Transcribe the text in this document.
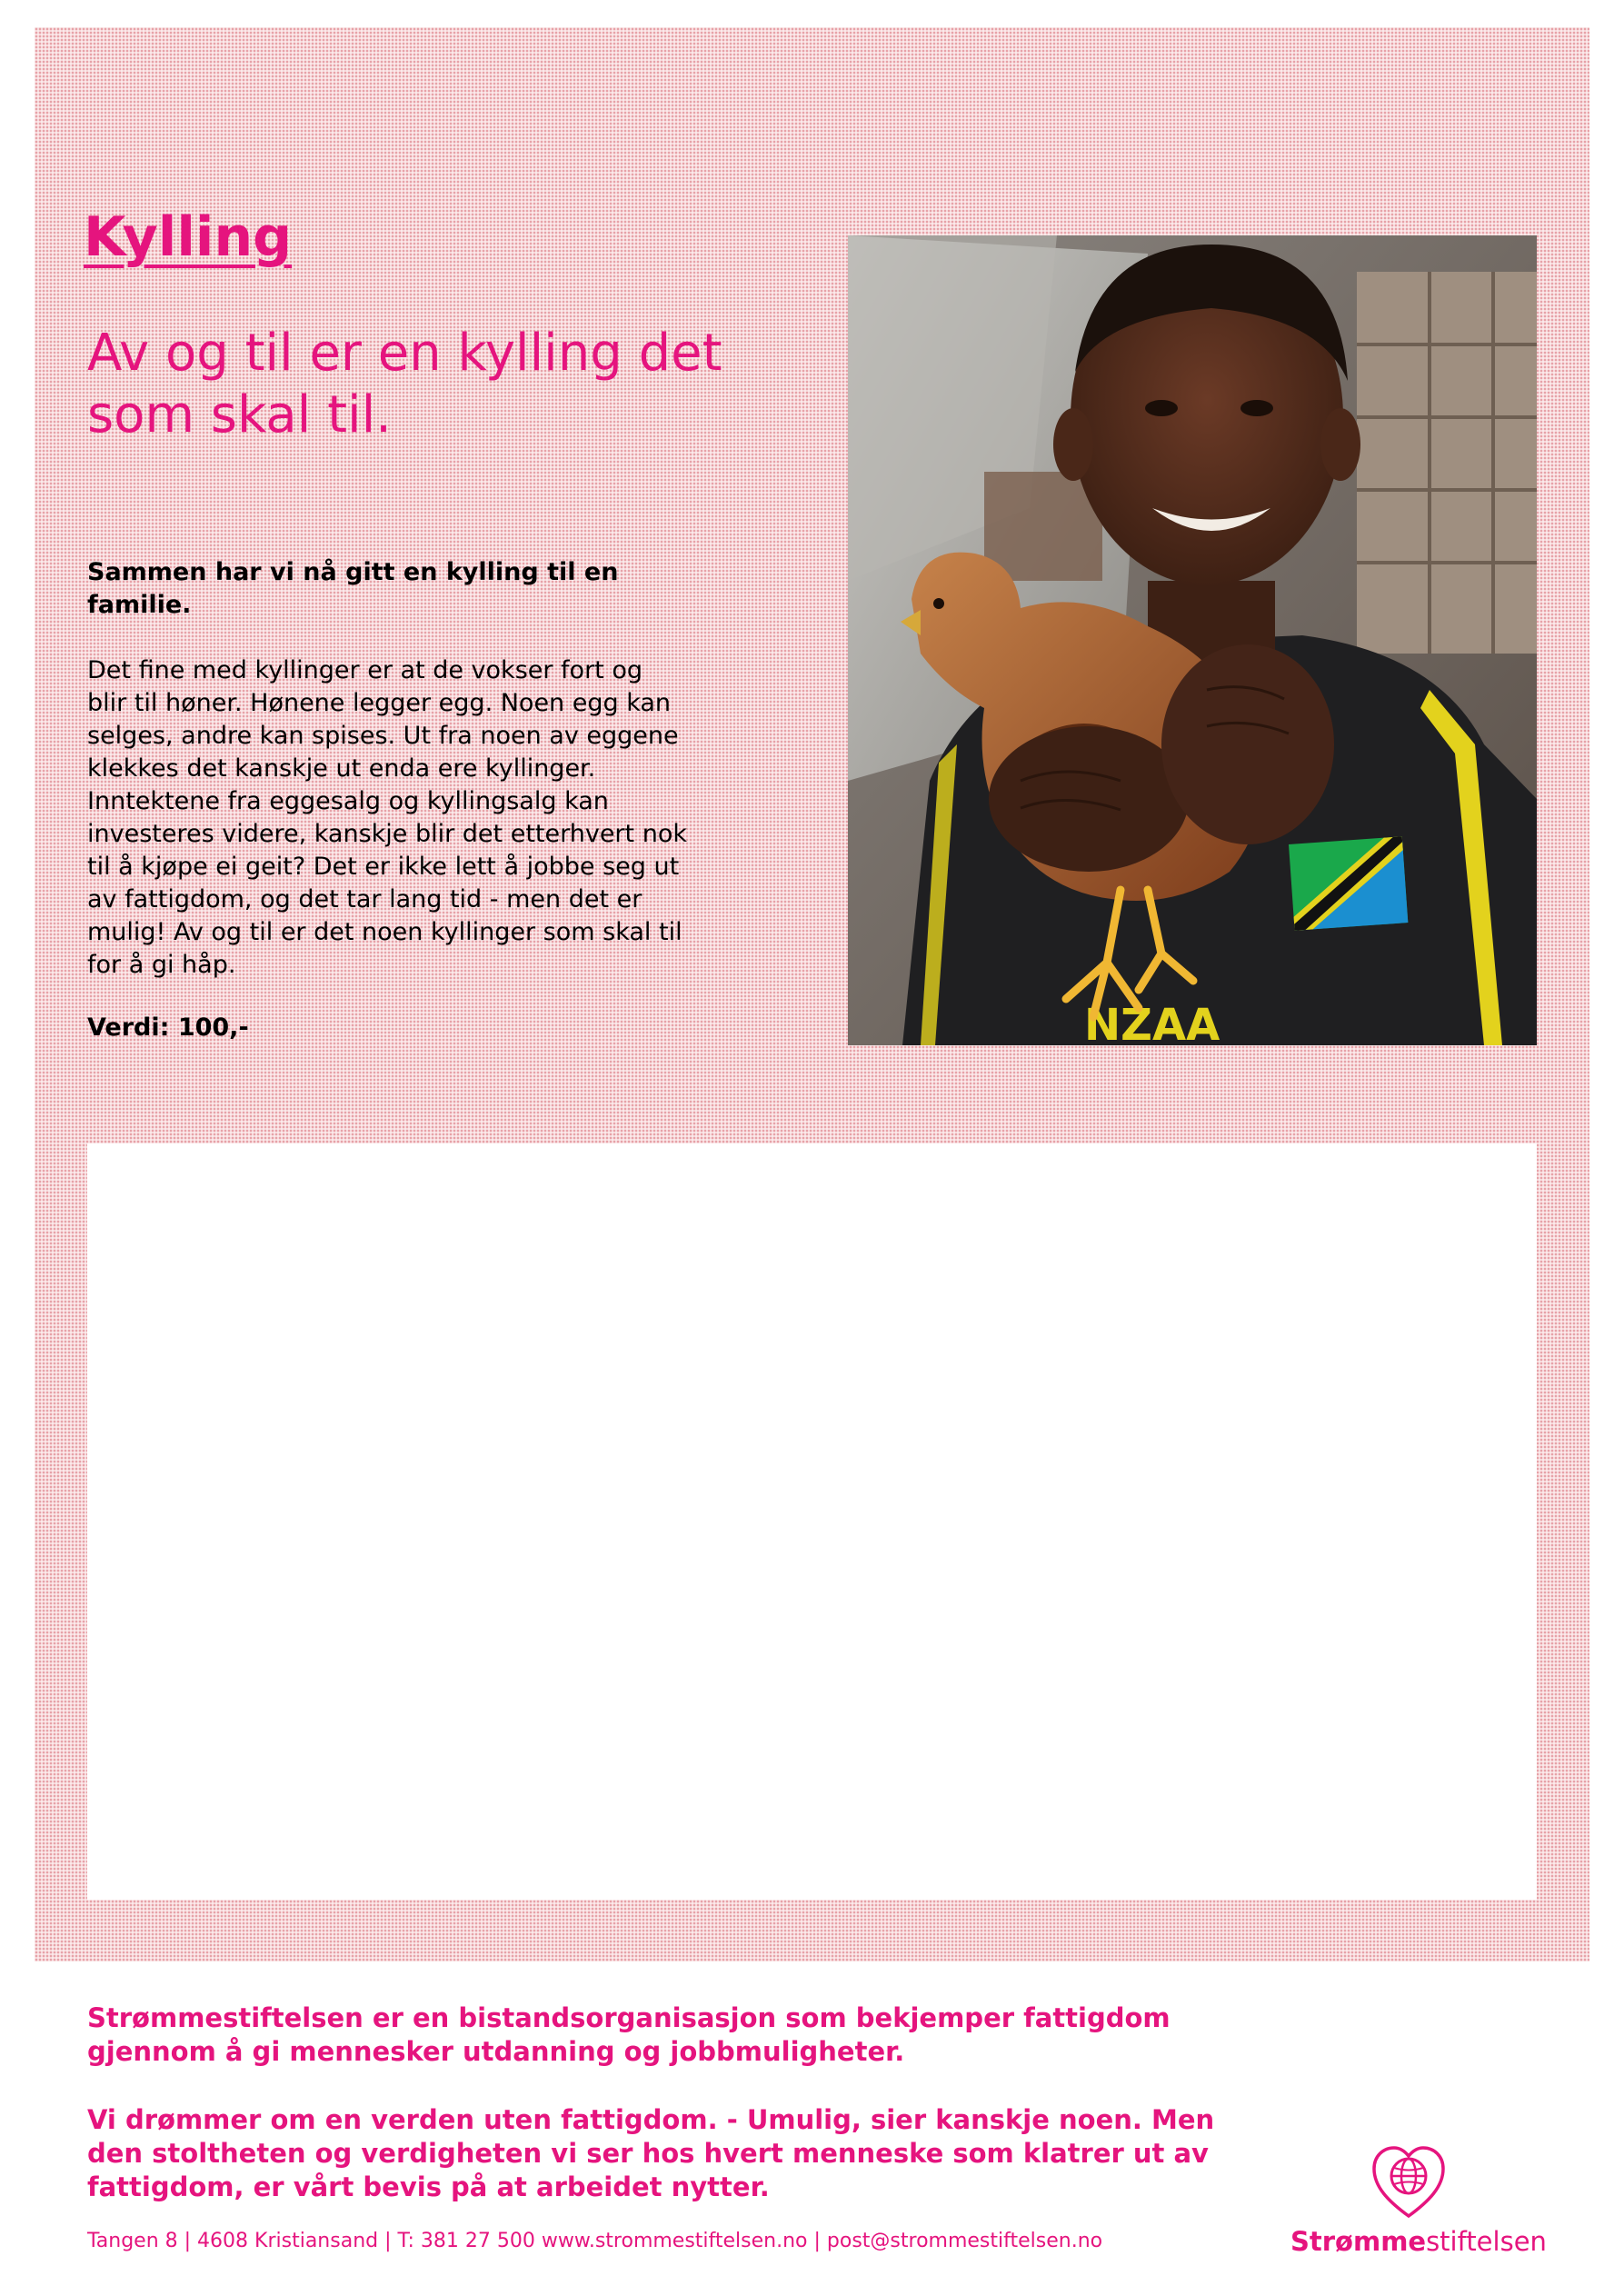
Kylling
Av og til er en kylling det som skal til.

Sammen har vi nå gitt en kylling til en familie.

Det fine med kyllinger er at de vokser fort og blir til høner. Hønene legger egg. Noen egg kan selges, andre kan spises. Ut fra noen av eggene klekkes det kanskje ut enda ere kyllinger. Inntektene fra eggesalg og kyllingsalg kan investeres videre, kanskje blir det etterhvert nok til å kjøpe ei geit? Det er ikke lett å jobbe seg ut av fattigdom, og det tar lang tid - men det er mulig! Av og til er det noen kyllinger som skal til for å gi håp.

Verdi: 100,-	NZAA

Strømmestiftelsen er en bistandsorganisasjon som bekjemper fattigdom gjennom å gi mennesker utdanning og jobbmuligheter.

Vi drømmer om en verden uten fattigdom. - Umulig, sier kanskje noen. Men den stoltheten og verdigheten vi ser hos hvert menneske som klatrer ut av fattigdom, er vårt bevis på at arbeidet nytter.

Tangen 8 | 4608 Kristiansand | T: 381 27 500 www.strommestiftelsen.no | post@strommestiftelsen.no	Strømmestiftelsen
